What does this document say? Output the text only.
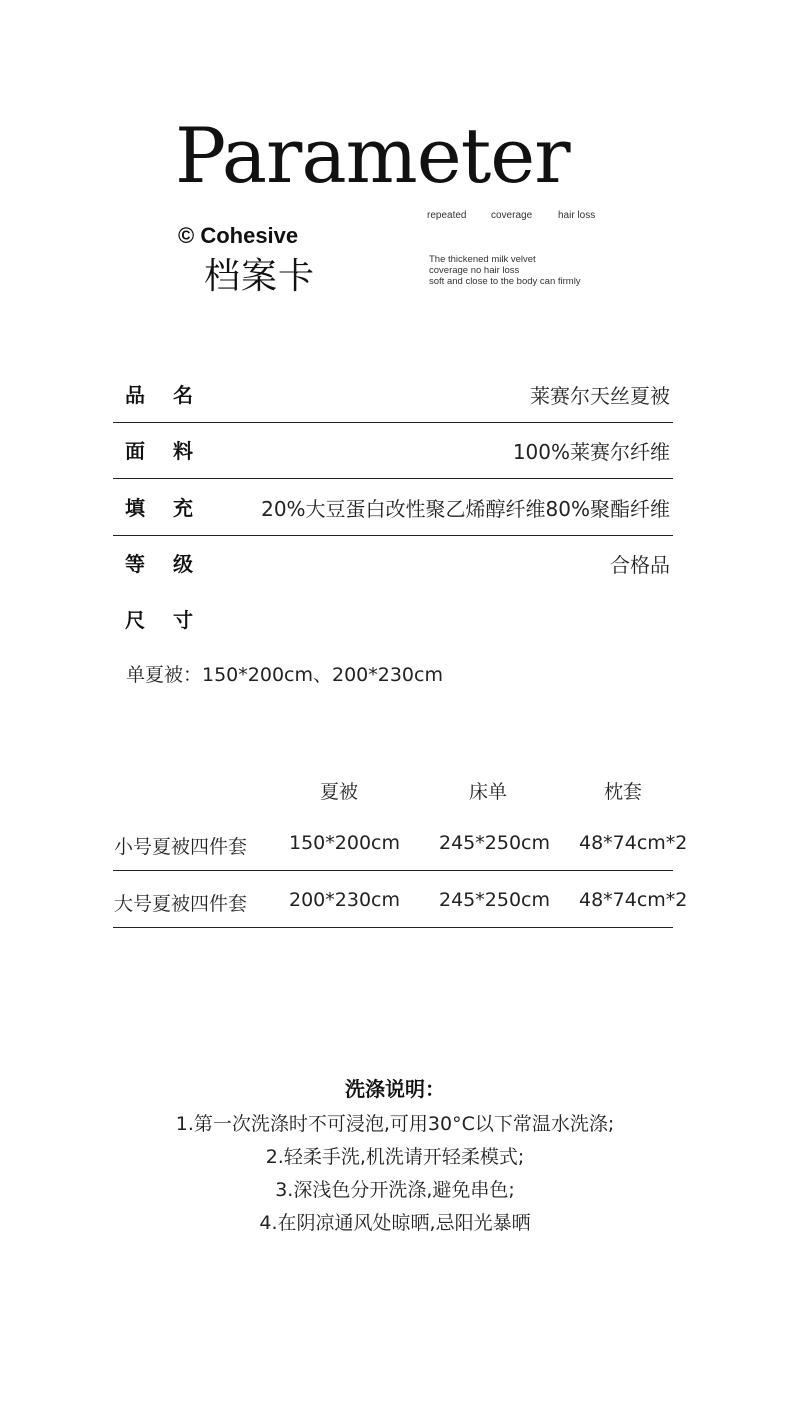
Parameter
© Cohesive
档案卡
repeated	coverage	hair loss
The thickened milk velvet
coverage no hair loss
soft and close to the body can firmly
品名	莱赛尔天丝夏被
面料	100%莱赛尔纤维
填充 20%大豆蛋白改性聚乙烯醇纤维80%聚酯纤维
等级	合格品
尺寸
单夏被：150*200cm、200*230cm
夏被	床单	枕套
小号夏被四件套 150*200cm 245*250cm 48*74cm*2
大号夏被四件套 200*230cm 245*250cm 48*74cm*2
洗涤说明：
1.第一次洗涤时不可浸泡,可用30°C以下常温水洗涤;
2.轻柔手洗,机洗请开轻柔模式;
3.深浅色分开洗涤,避免串色;
4.在阴凉通风处晾晒,忌阳光暴晒
